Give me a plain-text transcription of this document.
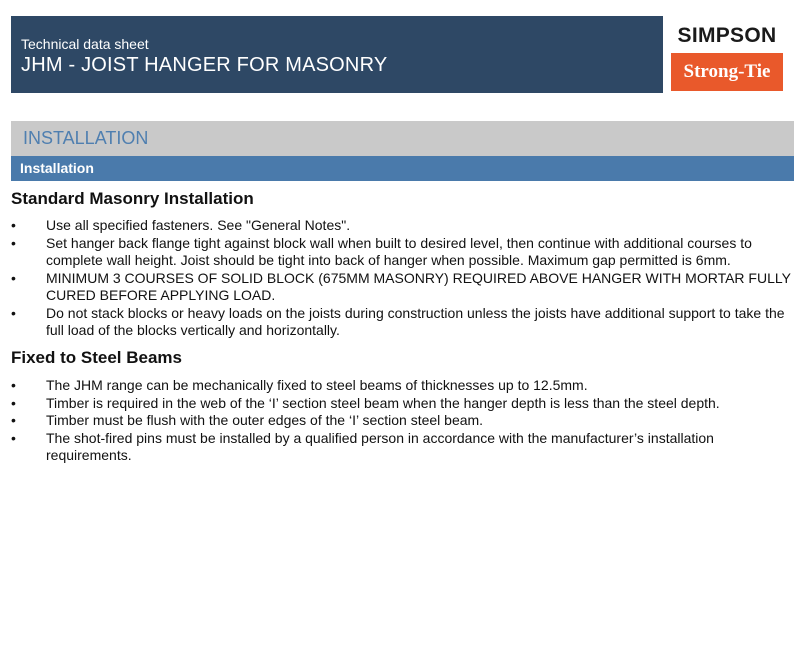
Technical data sheet
JHM - JOIST HANGER FOR MASONRY
SIMPSON
Strong-Tie
INSTALLATION
Installation
Standard Masonry Installation
•	Use all specified fasteners. See "General Notes".
•	Set hanger back flange tight against block wall when built to desired level, then continue with additional courses to complete wall height. Joist should be tight into back of hanger when possible. Maximum gap permitted is 6mm.
•	MINIMUM 3 COURSES OF SOLID BLOCK (675MM MASONRY) REQUIRED ABOVE HANGER WITH MORTAR FULLY CURED BEFORE APPLYING LOAD.
•	Do not stack blocks or heavy loads on the joists during construction unless the joists have additional support to take the full load of the blocks vertically and horizontally.
Fixed to Steel Beams
•	The JHM range can be mechanically fixed to steel beams of thicknesses up to 12.5mm.
•	Timber is required in the web of the ‘I’ section steel beam when the hanger depth is less than the steel depth.
•	Timber must be flush with the outer edges of the ‘I’ section steel beam.
•	The shot-fired pins must be installed by a qualified person in accordance with the manufacturer’s installation requirements.
